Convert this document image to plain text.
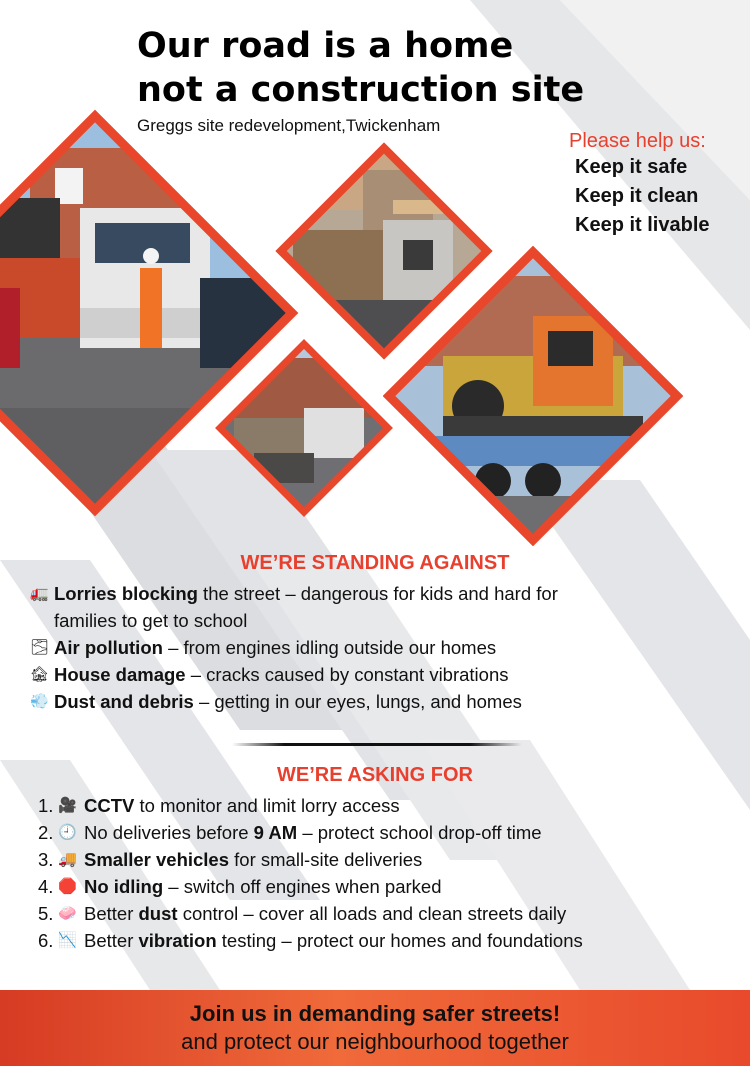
Our road is a home
not a construction site
Greggs site redevelopment,Twickenham
Please help us:
Keep it safe
Keep it clean
Keep it livable
WE’RE STANDING AGAINST
🚛 Lorries blocking the street – dangerous for kids and hard for
families to get to school
🌫 Air pollution – from engines idling outside our homes
🏚 House damage – cracks caused by constant vibrations
💨 Dust and debris – getting in our eyes, lungs, and homes
WE’RE ASKING FOR
1. 🎥 CCTV to monitor and limit lorry access
2. 🕘 No deliveries before 9 AM – protect school drop-off time
3. 🚚 Smaller vehicles for small-site deliveries
4. 🛑 No idling – switch off engines when parked
5. 🧼 Better dust control – cover all loads and clean streets daily
6. 📉 Better vibration testing – protect our homes and foundations
Join us in demanding safer streets!
and protect our neighbourhood together
